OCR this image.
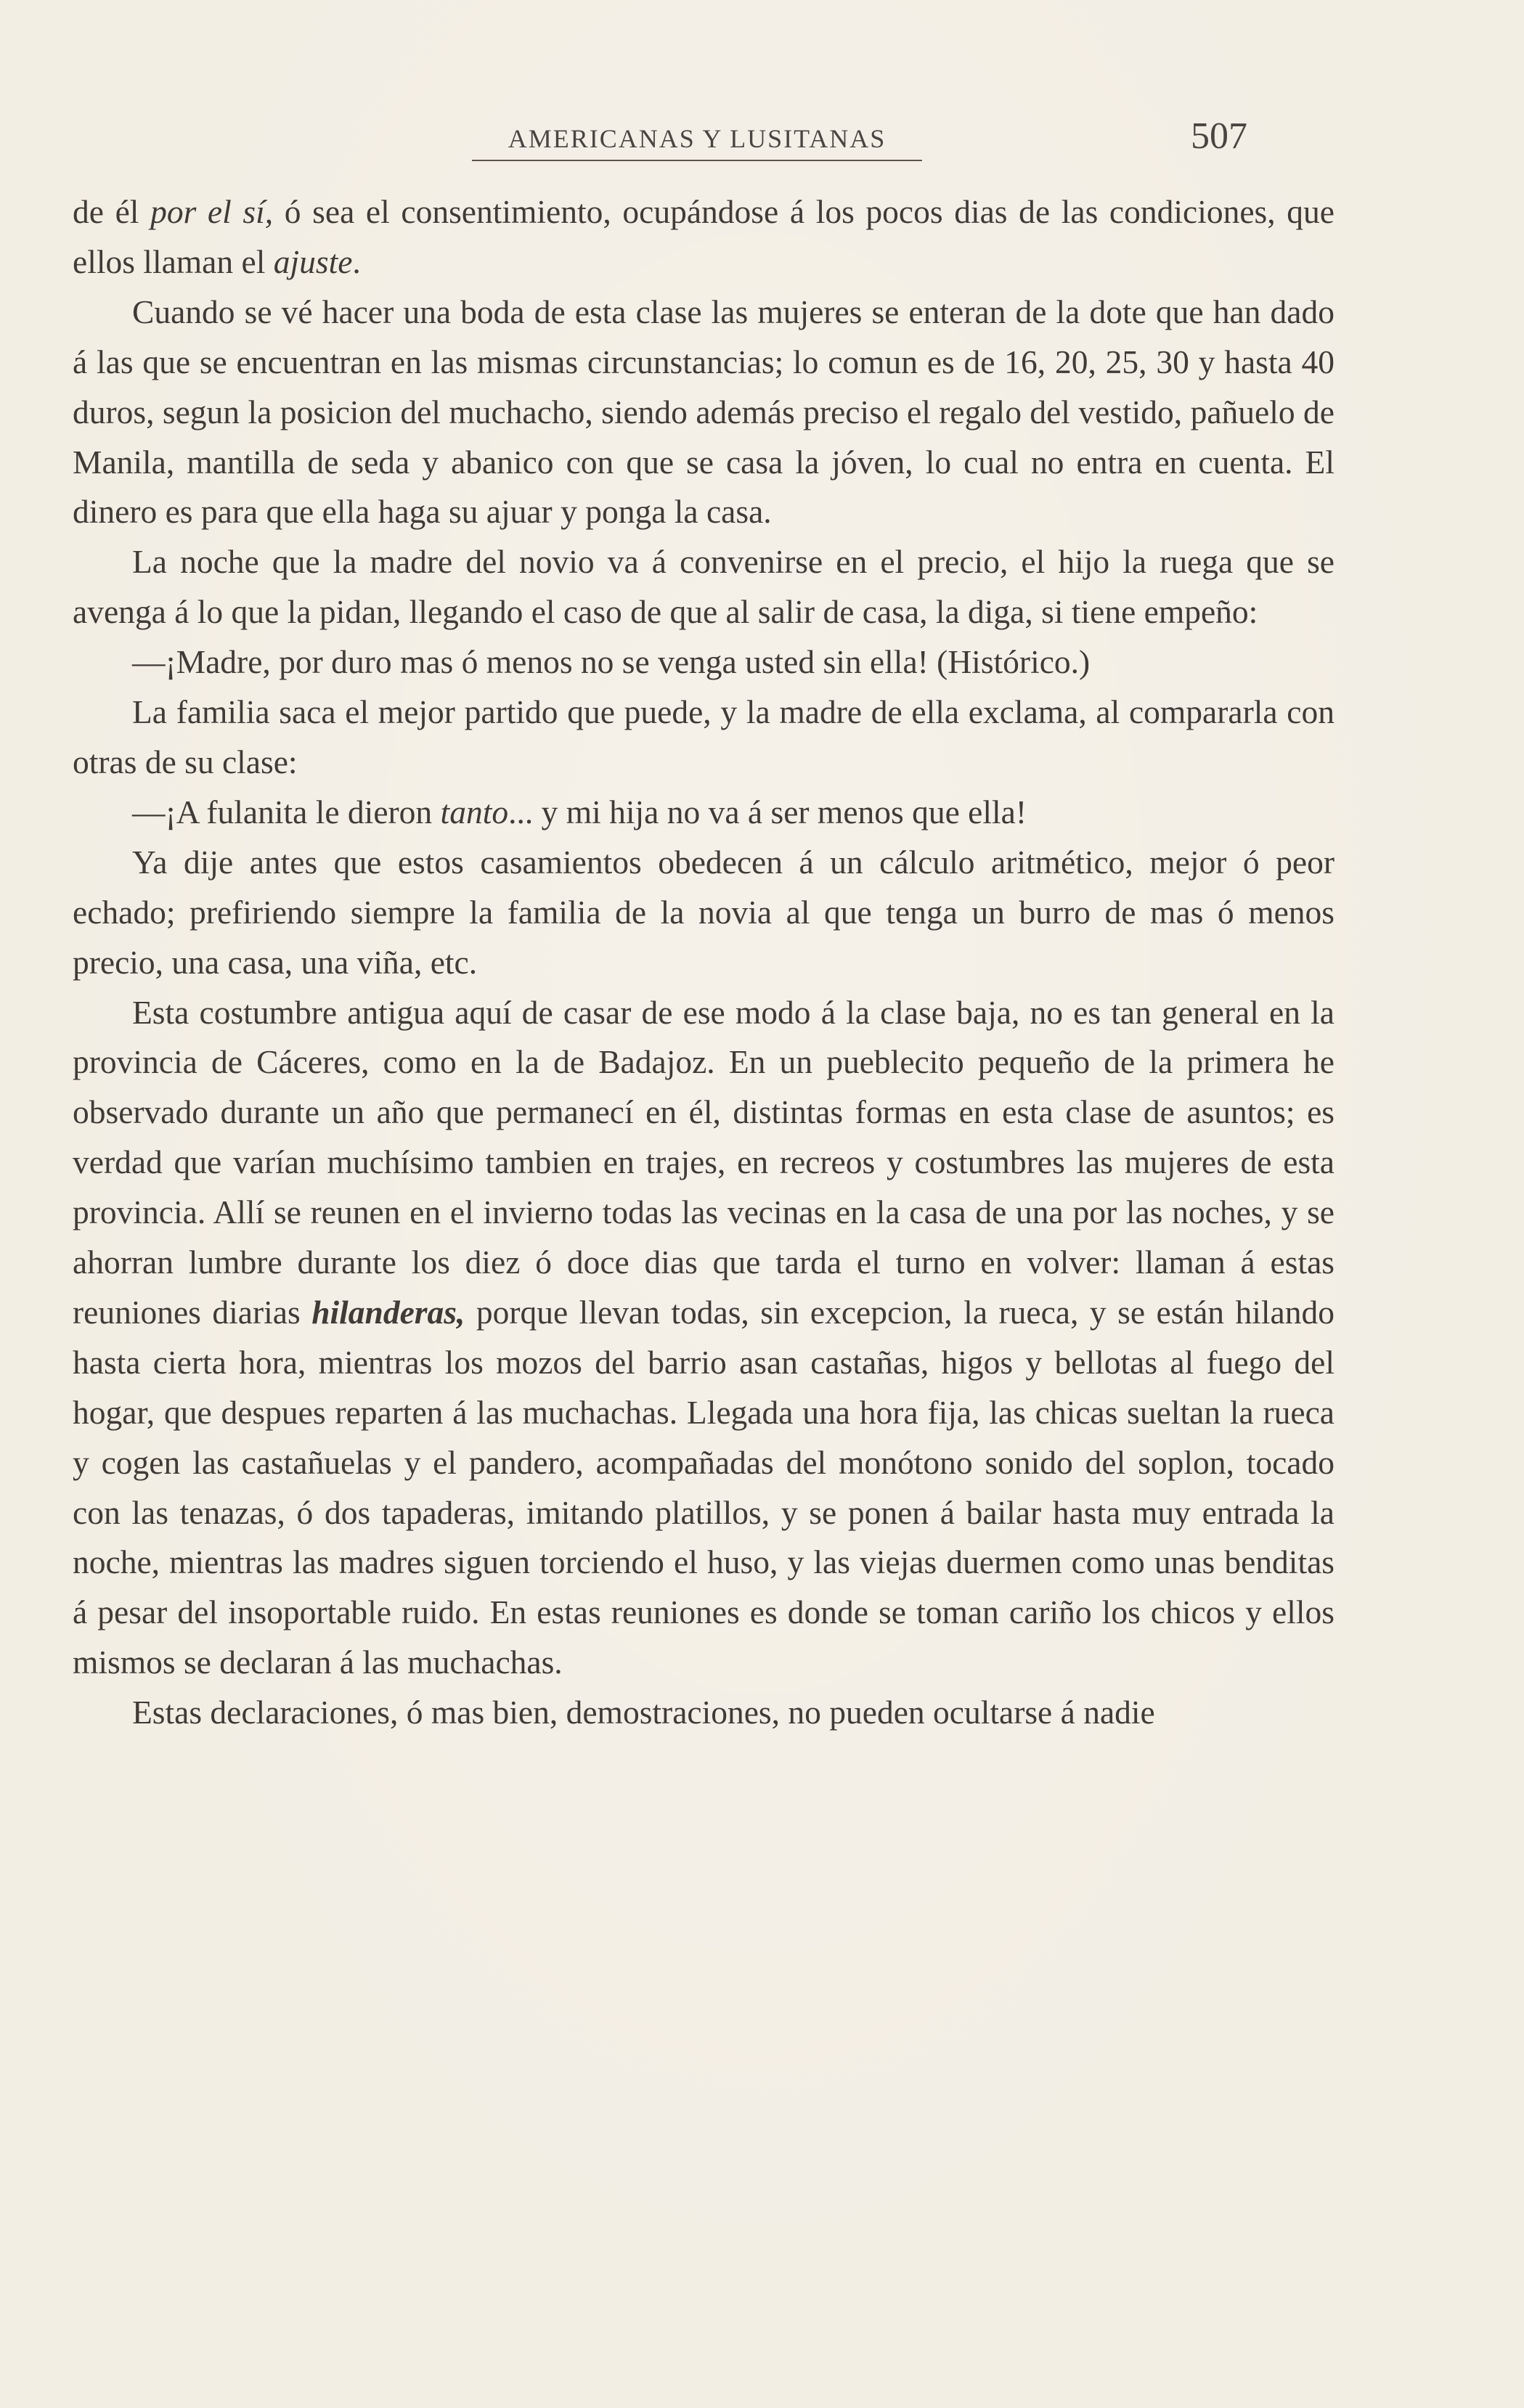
AMERICANAS Y LUSITANAS	507

de él por el sí, ó sea el consentimiento, ocupándose á los pocos dias de las condiciones, que ellos llaman el ajuste.

Cuando se vé hacer una boda de esta clase las mujeres se enteran de la dote que han dado á las que se encuentran en las mismas circunstancias; lo comun es de 16, 20, 25, 30 y hasta 40 duros, segun la posicion del muchacho, siendo además preciso el regalo del vestido, pañuelo de Manila, mantilla de seda y abanico con que se casa la jóven, lo cual no entra en cuenta. El dinero es para que ella haga su ajuar y ponga la casa.

La noche que la madre del novio va á convenirse en el precio, el hijo la ruega que se avenga á lo que la pidan, llegando el caso de que al salir de casa, la diga, si tiene empeño:

—¡Madre, por duro mas ó menos no se venga usted sin ella! (Histórico.)

La familia saca el mejor partido que puede, y la madre de ella exclama, al compararla con otras de su clase:

—¡A fulanita le dieron tanto... y mi hija no va á ser menos que ella!

Ya dije antes que estos casamientos obedecen á un cálculo aritmético, mejor ó peor echado; prefiriendo siempre la familia de la novia al que tenga un burro de mas ó menos precio, una casa, una viña, etc.

Esta costumbre antigua aquí de casar de ese modo á la clase baja, no es tan general en la provincia de Cáceres, como en la de Badajoz. En un pueblecito pequeño de la primera he observado durante un año que permanecí en él, distintas formas en esta clase de asuntos; es verdad que varían muchísimo tambien en trajes, en recreos y costumbres las mujeres de esta provincia. Allí se reunen en el invierno todas las vecinas en la casa de una por las noches, y se ahorran lumbre durante los diez ó doce dias que tarda el turno en volver: llaman á estas reuniones diarias hilanderas, porque llevan todas, sin excepcion, la rueca, y se están hilando hasta cierta hora, mientras los mozos del barrio asan castañas, higos y bellotas al fuego del hogar, que despues reparten á las muchachas. Llegada una hora fija, las chicas sueltan la rueca y cogen las castañuelas y el pandero, acompañadas del monótono sonido del soplon, tocado con las tenazas, ó dos tapaderas, imitando platillos, y se ponen á bailar hasta muy entrada la noche, mientras las madres siguen torciendo el huso, y las viejas duermen como unas benditas á pesar del insoportable ruido. En estas reuniones es donde se toman cariño los chicos y ellos mismos se declaran á las muchachas.

Estas declaraciones, ó mas bien, demostraciones, no pueden ocultarse á nadie
